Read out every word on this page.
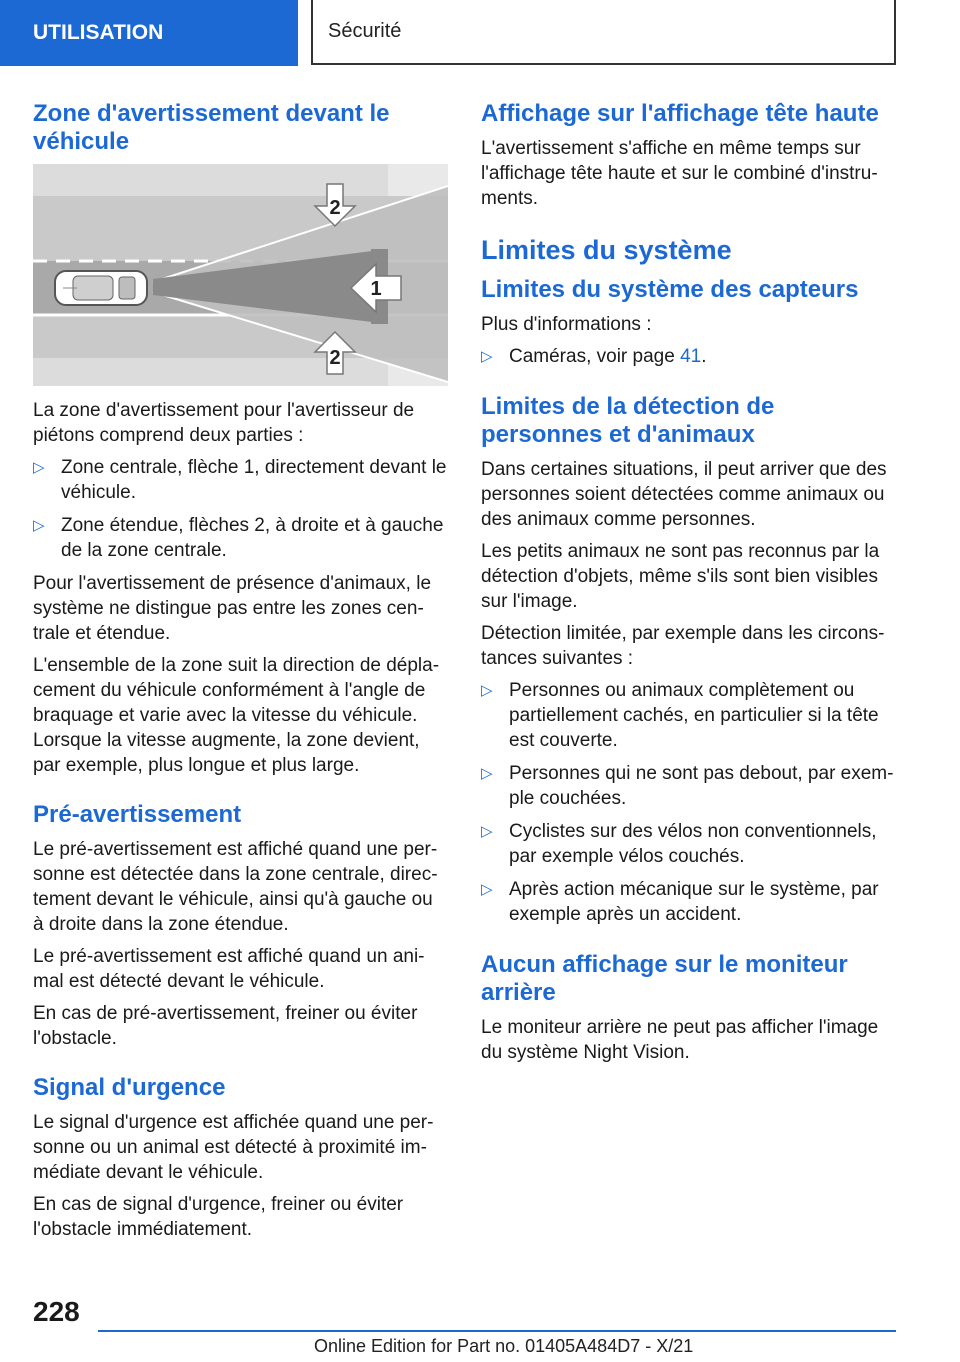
UTILISATION	Sécurité
Zone d'avertissement devant le véhicule
1
2
2

La zone d'avertissement pour l'avertisseur de piétons comprend deux parties :

▷ Zone centrale, flèche 1, directement devant le véhicule.
▷ Zone étendue, flèches 2, à droite et à gauche de la zone centrale.

Pour l'avertissement de présence d'animaux, le système ne distingue pas entre les zones centrale et étendue.

L'ensemble de la zone suit la direction de déplacement du véhicule conformément à l'angle de braquage et varie avec la vitesse du véhicule. Lorsque la vitesse augmente, la zone devient, par exemple, plus longue et plus large.

Pré-avertissement

Le pré-avertissement est affiché quand une personne est détectée dans la zone centrale, directement devant le véhicule, ainsi qu'à gauche ou à droite dans la zone étendue.

Le pré-avertissement est affiché quand un animal est détecté devant le véhicule.

En cas de pré-avertissement, freiner ou éviter l'obstacle.

Signal d'urgence

Le signal d'urgence est affichée quand une personne ou un animal est détecté à proximité immédiate devant le véhicule.

En cas de signal d'urgence, freiner ou éviter l'obstacle immédiatement.

Affichage sur l'affichage tête haute

L'avertissement s'affiche en même temps sur l'affichage tête haute et sur le combiné d'instruments.

Limites du système
Limites du système des capteurs

Plus d'informations :

▷ Caméras, voir page 41.
Limites de la détection de personnes et d'animaux

Dans certaines situations, il peut arriver que des personnes soient détectées comme animaux ou des animaux comme personnes.

Les petits animaux ne sont pas reconnus par la détection d'objets, même s'ils sont bien visibles sur l'image.

Détection limitée, par exemple dans les circonstances suivantes :

▷ Personnes ou animaux complètement ou partiellement cachés, en particulier si la tête est couverte.
▷ Personnes qui ne sont pas debout, par exemple couchées.
▷ Cyclistes sur des vélos non conventionnels, par exemple vélos couchés.
▷ Après action mécanique sur le système, par exemple après un accident.
Aucun affichage sur le moniteur arrière

Le moniteur arrière ne peut pas afficher l'image du système Night Vision.

228
Online Edition for Part no. 01405A484D7 - X/21
